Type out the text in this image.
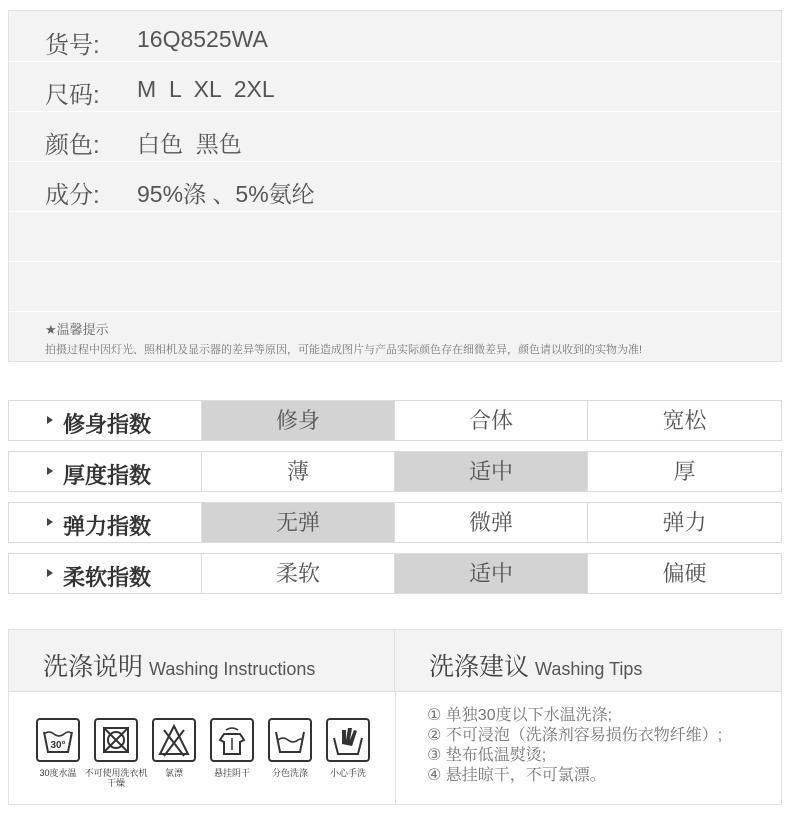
货号: 16Q8525WA
尺码: M  L  XL  2XL
颜色: 白色  黑色
成分: 95%涤 、5%氨纶
★温馨提示
拍摄过程中因灯光、照相机及显示器的差异等原因，可能造成图片与产品实际颜色存在细微差异，颜色请以收到的实物为准!
修身指数	修身	合体	宽松
厚度指数	薄	适中	厚
弹力指数	无弹	微弹	弹力
柔软指数	柔软	适中	偏硬
洗涤说明 Washing Instructions	洗涤建议 Washing Tips
30°
30度水温 不可使用洗衣机干燥
氯漂	悬挂阴干	分色洗涤	小心手洗
① 单独30度以下水温洗涤;
② 不可浸泡（洗涤剂容易损伤衣物纤维）;
③ 垫布低温熨烫;
④ 悬挂晾干，不可氯漂。
